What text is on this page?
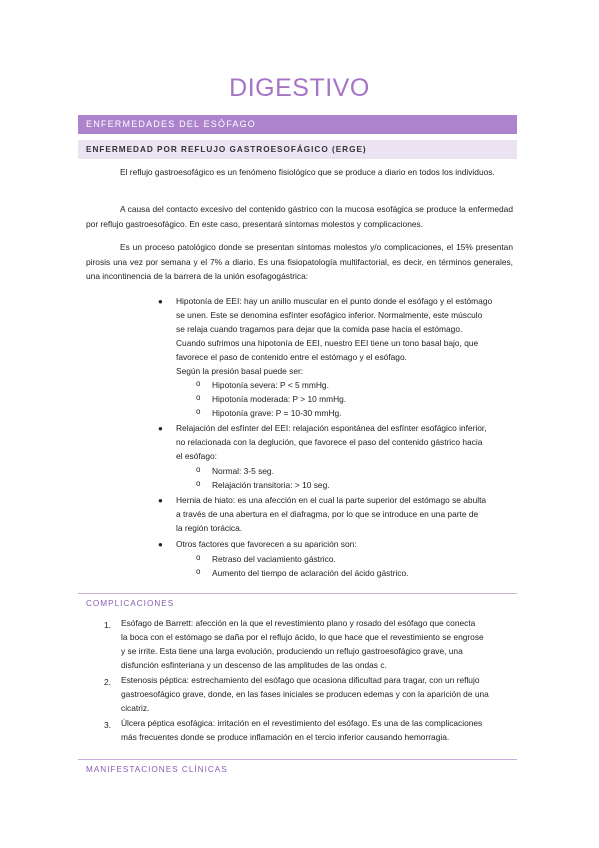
DIGESTIVO
ENFERMEDADES DEL ESÓFAGO
ENFERMEDAD POR REFLUJO GASTROESOFÁGICO (ERGE)

El reflujo gastroesofágico es un fenómeno fisiológico que se produce a diario en todos los individuos.

A causa del contacto excesivo del contenido gástrico con la mucosa esofágica se produce la enfermedad por reflujo gastroesofágico. En este caso, presentará síntomas molestos y complicaciones.

Es un proceso patológico donde se presentan síntomas molestos y/o complicaciones, el 15% presentan pirosis una vez por semana y el 7% a diario. Es una fisiopatología multifactorial, es decir, en términos generales, una incontinencia de la barrera de la unión esofagogástrica:

● Hipotonía de EEI: hay un anillo muscular en el punto donde el esófago y el estómago
se unen. Este se denomina esfínter esofágico inferior. Normalmente, este músculo
se relaja cuando tragamos para dejar que la comida pase hacia el estómago.
Cuando sufrimos una hipotonía de EEI, nuestro EEI tiene un tono basal bajo, que
favorece el paso de contenido entre el estómago y el esófago.
Según la presión basal puede ser:
o Hipotonía severa: P < 5 mmHg.
o Hipotonía moderada: P > 10 mmHg.
o Hipotonía grave: P = 10-30 mmHg.
● Relajación del esfínter del EEI: relajación espontánea del esfínter esofágico inferior,
no relacionada con la deglución, que favorece el paso del contenido gástrico hacia
el esófago:
o Normal: 3-5 seg.
o Relajación transitoria: > 10 seg.
● Hernia de hiato: es una afección en el cual la parte superior del estómago se abulta
a través de una abertura en el diafragma, por lo que se introduce en una parte de
la región torácica.
● Otros factores que favorecen a su aparición son:
o Retraso del vaciamiento gástrico.
o Aumento del tiempo de aclaración del ácido gástrico.
COMPLICACIONES
1. Esófago de Barrett: afección en la que el revestimiento plano y rosado del esófago que conecta
la boca con el estómago se daña por el reflujo ácido, lo que hace que el revestimiento se engrose
y se irrite. Esta tiene una larga evolución, produciendo un reflujo gastroesofágico grave, una
disfunción esfinteriana y un descenso de las amplitudes de las ondas c.
2. Estenosis péptica: estrechamiento del esófago que ocasiona dificultad para tragar, con un reflujo
gastroesofágico grave, donde, en las fases iniciales se producen edemas y con la aparición de una
cicatriz.
3. Úlcera péptica esofágica: irritación en el revestimiento del esófago. Es una de las complicaciones
más frecuentes donde se produce inflamación en el tercio inferior causando hemorragia.
MANIFESTACIONES CLÍNICAS
